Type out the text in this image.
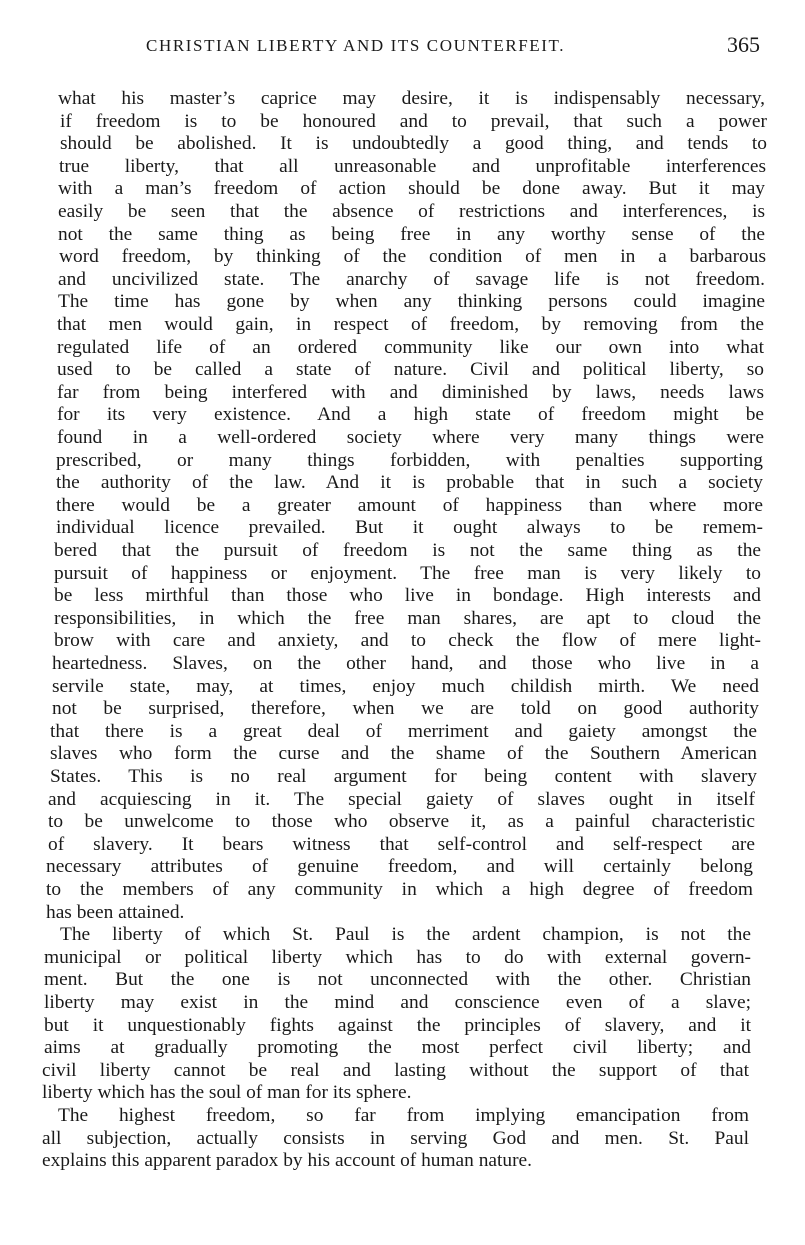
CHRISTIAN LIBERTY AND ITS COUNTERFEIT.	365
what his master’s caprice may desire, it is indispensably necessary,
if freedom is to be honoured and to prevail, that such a power
should be abolished. It is undoubtedly a good thing, and tends to
true liberty, that all unreasonable and unprofitable interferences
with a man’s freedom of action should be done away. But it may
easily be seen that the absence of restrictions and interferences, is
not the same thing as being free in any worthy sense of the
word freedom, by thinking of the condition of men in a barbarous
and uncivilized state. The anarchy of savage life is not freedom.
The time has gone by when any thinking persons could imagine
that men would gain, in respect of freedom, by removing from the
regulated life of an ordered community like our own into what
used to be called a state of nature. Civil and political liberty, so
far from being interfered with and diminished by laws, needs laws
for its very existence. And a high state of freedom might be
found in a well-ordered society where very many things were
prescribed, or many things forbidden, with penalties supporting
the authority of the law. And it is probable that in such a society
there would be a greater amount of happiness than where more
individual licence prevailed. But it ought always to be remem-
bered that the pursuit of freedom is not the same thing as the
pursuit of happiness or enjoyment. The free man is very likely to
be less mirthful than those who live in bondage. High interests and
responsibilities, in which the free man shares, are apt to cloud the
brow with care and anxiety, and to check the flow of mere light-
heartedness. Slaves, on the other hand, and those who live in a
servile state, may, at times, enjoy much childish mirth. We need
not be surprised, therefore, when we are told on good authority
that there is a great deal of merriment and gaiety amongst the
slaves who form the curse and the shame of the Southern American
States. This is no real argument for being content with slavery
and acquiescing in it. The special gaiety of slaves ought in itself
to be unwelcome to those who observe it, as a painful characteristic
of slavery. It bears witness that self-control and self-respect are
necessary attributes of genuine freedom, and will certainly belong
to the members of any community in which a high degree of freedom
has been attained.
The liberty of which St. Paul is the ardent champion, is not the
municipal or political liberty which has to do with external govern-
ment. But the one is not unconnected with the other. Christian
liberty may exist in the mind and conscience even of a slave;
but it unquestionably fights against the principles of slavery, and it
aims at gradually promoting the most perfect civil liberty; and
civil liberty cannot be real and lasting without the support of that
liberty which has the soul of man for its sphere.
The highest freedom, so far from implying emancipation from
all subjection, actually consists in serving God and men. St. Paul
explains this apparent paradox by his account of human nature.
